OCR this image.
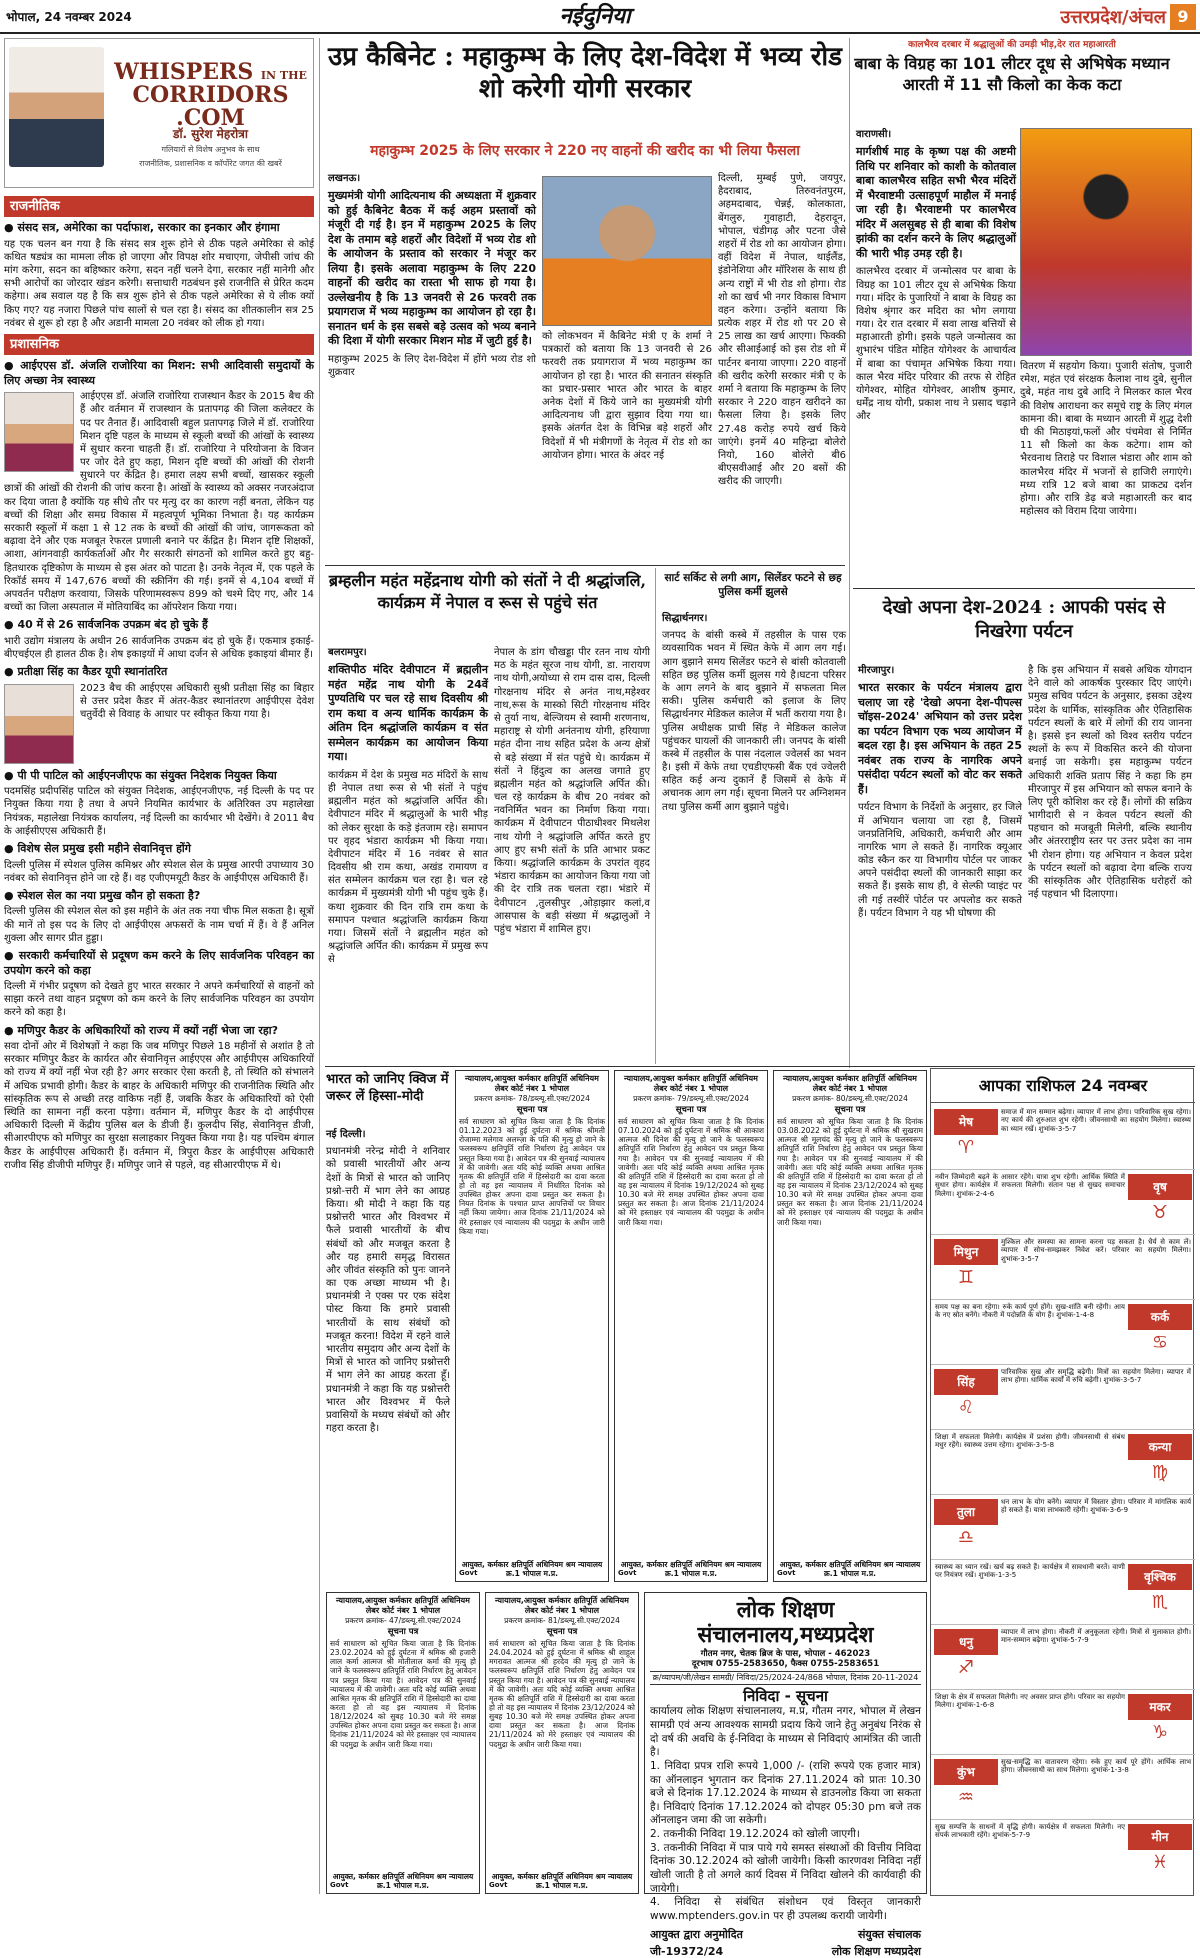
भोपाल, 24 नवम्बर 2024	नईदुनिया	उत्तरप्रदेश/अंचल 9
WHISPERS IN THE
CORRIDORS
.COM
डॉ. सुरेश मेहरोत्रा
गलियारों से विशेष अनुभव के साथ
राजनीतिक, प्रशासनिक व कॉर्पोरेट जगत की खबरें
राजनीतिक
● संसद सत्र, अमेरिका का पर्दाफाश, सरकार का इनकार और हंगामा

यह एक चलन बन गया है कि संसद सत्र शुरू होने से ठीक पहले अमेरिका से कोई कथित षड्यंत्र का मामला लीक हो जाएगा और विपक्ष शोर मचाएगा, जेपीसी जांच की मांग करेगा, सदन का बहिष्कार करेगा, सदन नहीं चलने देगा, सरकार नहीं मानेगी और सभी आरोपों का जोरदार खंडन करेगी। सत्ताधारी गठबंधन इसे राजनीति से प्रेरित कदम कहेगा। अब सवाल यह है कि सत्र शुरू होने से ठीक पहले अमेरिका से ये लीक क्यों किए गए? यह नजारा पिछले पांच सालों से चल रहा है। संसद का शीतकालीन सत्र 25 नवंबर से शुरू हो रहा है और अडानी मामला 20 नवंबर को लीक हो गया।

प्रशासनिक
● आईएएस डॉ. अंजलि राजोरिया का मिशन: सभी आदिवासी समुदायों के लिए अच्छा नेत्र स्वास्थ्य

आईएएस डॉ. अंजलि राजोरिया राजस्थान कैडर के 2015 बैच की हैं और वर्तमान में राजस्थान के प्रतापगढ़ की जिला कलेक्टर के पद पर तैनात हैं। आदिवासी बहुल प्रतापगढ़ जिले में डॉ. राजोरिया मिशन दृष्टि पहल के माध्यम से स्कूली बच्चों की आंखों के स्वास्थ्य में सुधार करना चाहती हैं। डॉ. राजोरिया ने परियोजना के विजन पर जोर देते हुए कहा, मिशन दृष्टि बच्चों की आंखों की रोशनी सुधारने पर केंद्रित है। हमारा लक्ष्य सभी बच्चों, खासकर स्कूली छात्रों की आंखों की रोशनी की जांच करना है। आंखों के स्वास्थ्य को अक्सर नजरअंदाज कर दिया जाता है क्योंकि यह सीधे तौर पर मृत्यु दर का कारण नहीं बनता, लेकिन यह बच्चों की शिक्षा और समग्र विकास में महत्वपूर्ण भूमिका निभाता है। यह कार्यक्रम सरकारी स्कूलों में कक्षा 1 से 12 तक के बच्चों की आंखों की जांच, जागरूकता को बढ़ावा देने और एक मजबूत रेफरल प्रणाली बनाने पर केंद्रित है। मिशन दृष्टि शिक्षकों, आशा, आंगनवाड़ी कार्यकर्ताओं और गैर सरकारी संगठनों को शामिल करते हुए बहु-हितधारक दृष्टिकोण के माध्यम से इस अंतर को पाटता है। उनके नेतृत्व में, एक पहले के रिकॉर्ड समय में 147,676 बच्चों की स्क्रीनिंग की गई। इनमें से 4,104 बच्चों में अपवर्तन परीक्षण करवाया, जिसके परिणामस्वरूप 899 को चश्मे दिए गए, और 14 बच्चों का जिला अस्पताल में मोतियाबिंद का ऑपरेशन किया गया।

● 40 में से 26 सार्वजनिक उपक्रम बंद हो चुके हैं

भारी उद्योग मंत्रालय के अधीन 26 सार्वजनिक उपक्रम बंद हो चुके हैं। एकमात्र इकाई-बीएचईएल ही हालत ठीक है। शेष इकाइयों में आधा दर्जन से अधिक इकाइयां बीमार हैं।

● प्रतीक्षा सिंह का कैडर यूपी स्थानांतरित

2023 बैच की आईएएस अधिकारी सुश्री प्रतीक्षा सिंह का बिहार से उत्तर प्रदेश कैडर में अंतर-कैडर स्थानांतरण आईपीएस देवेश चतुर्वेदी से विवाह के आधार पर स्वीकृत किया गया है।

● पी पी पाटिल को आईएनजीएफ का संयुक्त निदेशक नियुक्त किया

पदमसिंह प्रदीपसिंह पाटिल को संयुक्त निदेशक, आईएनजीएफ, नई दिल्ली के पद पर नियुक्त किया गया है तथा वे अपने नियमित कार्यभार के अतिरिक्त उप महालेखा नियंत्रक, महालेखा नियंत्रक कार्यालय, नई दिल्ली का कार्यभार भी देखेंगे। वे 2011 बैच के आईसीएएस अधिकारी हैं।

● विशेष सेल प्रमुख इसी महीने सेवानिवृत्त होंगे

दिल्ली पुलिस में स्पेशल पुलिस कमिश्नर और स्पेशल सेल के प्रमुख आरपी उपाध्याय 30 नवंबर को सेवानिवृत्त होने जा रहे हैं। वह एजीएमयूटी कैडर के आईपीएस अधिकारी हैं।

● स्पेशल सेल का नया प्रमुख कौन हो सकता है?

दिल्ली पुलिस की स्पेशल सेल को इस महीने के अंत तक नया चीफ मिल सकता है। सूत्रों की मानें तो इस पद के लिए दो आईपीएस अफसरों के नाम चर्चा में हैं। वे हैं अनिल शुक्ला और सागर प्रीत हुड्डा।

● सरकारी कर्मचारियों से प्रदूषण कम करने के लिए सार्वजनिक परिवहन का उपयोग करने को कहा

दिल्ली में गंभीर प्रदूषण को देखते हुए भारत सरकार ने अपने कर्मचारियों से वाहनों को साझा करने तथा वाहन प्रदूषण को कम करने के लिए सार्वजनिक परिवहन का उपयोग करने को कहा है।

● मणिपुर कैडर के अधिकारियों को राज्य में क्यों नहीं भेजा जा रहा?

सवा दोनों ओर में विशेषज्ञों ने कहा कि जब मणिपुर पिछले 18 महीनों से अशांत है तो सरकार मणिपुर कैडर के कार्यरत और सेवानिवृत्त आईएएस और आईपीएस अधिकारियों को राज्य में क्यों नहीं भेज रही है? अगर सरकार ऐसा करती है, तो स्थिति को संभालने में अधिक प्रभावी होगी। कैडर के बाहर के अधिकारी मणिपुर की राजनीतिक स्थिति और सांस्कृतिक रूप से अच्छी तरह वाकिफ नहीं हैं, जबकि कैडर के अधिकारियों को ऐसी स्थिति का सामना नहीं करना पड़ेगा। वर्तमान में, मणिपुर कैडर के दो आईपीएस अधिकारी दिल्ली में केंद्रीय पुलिस बल के डीजी हैं। कुलदीप सिंह, सेवानिवृत्त डीजी, सीआरपीएफ को मणिपुर का सुरक्षा सलाहकार नियुक्त किया गया है। यह पश्चिम बंगाल कैडर के आईपीएस अधिकारी हैं। वर्तमान में, त्रिपुरा कैडर के आईपीएस अधिकारी राजीव सिंह डीजीपी मणिपुर हैं। मणिपुर जाने से पहले, वह सीआरपीएफ में थे।

उप्र कैबिनेट : महाकुम्भ के लिए देश-विदेश में भव्य रोड शो करेगी योगी सरकार
महाकुम्भ 2025 के लिए सरकार ने 220 नए वाहनों की खरीद का भी लिया फैसला

लखनऊ।

मुख्यमंत्री योगी आदित्यनाथ की अध्यक्षता में शुक्रवार को हुई कैबिनेट बैठक में कई अहम प्रस्तावों को मंजूरी दी गई है। इन में महाकुम्भ 2025 के लिए देश के तमाम बड़े शहरों और विदेशों में भव्य रोड शो के आयोजन के प्रस्ताव को सरकार ने मंजूर कर लिया है। इसके अलावा महाकुम्भ के लिए 220 वाहनों की खरीद का रास्ता भी साफ हो गया है। उल्लेखनीय है कि 13 जनवरी से 26 फरवरी तक प्रयागराज में भव्य महाकुम्भ का आयोजन हो रहा है। सनातन धर्म के इस सबसे बड़े उत्सव को भव्य बनाने की दिशा में योगी सरकार मिशन मोड में जुटी हुई है।

महाकुम्भ 2025 के लिए देश-विदेश में होंगे भव्य रोड शो शुक्रवार

को लोकभवन में कैबिनेट मंत्री ए के शर्मा ने पत्रकारों को बताया कि 13 जनवरी से 26 फरवरी तक प्रयागराज में भव्य महाकुम्भ का आयोजन हो रहा है। भारत की सनातन संस्कृति का प्रचार-प्रसार भारत और भारत के बाहर अनेक देशों में किये जाने का मुख्यमंत्री योगी आदित्यनाथ जी द्वारा सुझाव दिया गया था। इसके अंतर्गत देश के विभिन्न बड़े शहरों और विदेशों में भी मंत्रीगणों के नेतृत्व में रोड शो का आयोजन होगा। भारत के अंदर नई

दिल्ली, मुम्बई पुणे, जयपुर, हैदराबाद, तिरुवनंतपुरम, अहमदाबाद, चेन्नई, कोलकाता, बेंगलुरु, गुवाहाटी, देहरादून, भोपाल, चंडीगढ़ और पटना जैसे शहरों में रोड शो का आयोजन होगा। वहीं विदेश में नेपाल, थाईलैंड, इंडोनेशिया और मॉरिशस के साथ ही अन्य राष्ट्रों में भी रोड शो होगा। रोड शो का खर्च भी नगर विकास विभाग वहन करेगा। उन्होंने बताया कि प्रत्येक शहर में रोड शो पर 20 से 25 लाख का खर्च आएगा। फिक्की और सीआईआई को इस रोड शो में पार्टनर बनाया जाएगा। 220 वाहनों की खरीद करेगी सरकार मंत्री ए के शर्मा ने बताया कि महाकुम्भ के लिए सरकार ने 220 वाहन खरीदने का फैसला लिया है। इसके लिए 27.48 करोड़ रुपये खर्च किये जाएंगे। इनमें 40 महिन्द्रा बोलेरो नियो, 160 बोलेरो बी6 बीएसवीआई और 20 बसों की खरीद की जाएगी।

कालभैरव दरबार में श्रद्धालुओं की उमड़ी भीड़,देर रात महाआरती
बाबा के विग्रह का 101 लीटर दूध से अभिषेक मध्यान आरती में 11 सौ किलो का केक कटा

वाराणसी।

मार्गशीर्ष माह के कृष्ण पक्ष की अष्टमी तिथि पर शनिवार को काशी के कोतवाल बाबा कालभैरव सहित सभी भैरव मंदिरों में भैरवाष्टमी उत्साहपूर्ण माहौल में मनाई जा रही है। भैरवाष्टमी पर कालभैरव मंदिर में अलसुबह से ही बाबा की विशेष झांकी का दर्शन करने के लिए श्रद्धालुओं की भारी भीड़ उमड़ रही है।

कालभैरव दरबार में जन्मोत्सव पर बाबा के विग्रह का 101 लीटर दूध से अभिषेक किया गया। मंदिर के पुजारियों ने बाबा के विग्रह का विशेष श्रृंगार कर मदिरा का भोग लगाया गया। देर रात दरबार में सवा लाख बत्तियों से महाआरती होगी। इसके पहले जन्मोत्सव का शुभारंभ पंडित मोहित योगेश्वर के आचार्यत्व में बाबा का पंचामृत अभिषेक किया गया। काल भैरव मंदिर परिवार की तरफ से रोहित योगेश्वर, मोहित योगेश्वर, आशीष कुमार, धर्मेंद्र नाथ योगी, प्रकाश नाथ ने प्रसाद चढ़ाने और

वितरण में सहयोग किया। पुजारी संतोष, पुजारी रमेश, महंत एवं संरक्षक कैलाश नाथ दुबे, सुनील दुबे, महंत नाथ दुबे आदि ने मिलकर काल भैरव की विशेष आराधना कर समूचे राष्ट्र के लिए मंगल कामना की। बाबा के मध्यान आरती में शुद्ध देशी घी की मिठाइयां,फलों और पंचमेवा से निर्मित 11 सौ किलो का केक कटेगा। शाम को भैरवनाथ तिराहे पर विशाल भंडारा और शाम को कालभैरव मंदिर में भजनों से हाजिरी लगाएंगे। मध्य रात्रि 12 बजे बाबा का प्राकट्य दर्शन होगा। और रात्रि डेढ़ बजे महाआरती कर बाद महोत्सव को विराम दिया जायेगा।

ब्रम्हलीन महंत महेंद्रनाथ योगी को संतों ने दी श्रद्धांजलि, कार्यक्रम में नेपाल व रूस से पहुंचे संत

बलरामपुर।

शक्तिपीठ मंदिर देवीपाटन में ब्रह्मलीन महंत महेंद्र नाथ योगी के 24वें पुण्यतिथि पर चल रहे साथ दिवसीय श्री राम कथा व अन्य धार्मिक कार्यक्रम के अंतिम दिन श्रद्धांजलि कार्यक्रम व संत सम्मेलन कार्यक्रम का आयोजन किया गया।

कार्यक्रम में देश के प्रमुख मठ मंदिरों के साथ ही नेपाल तथा रूस से भी संतों ने पहुंच ब्रह्मलीन महंत को श्रद्धांजलि अर्पित की। देवीपाटन मंदिर में श्रद्धालुओं के भारी भीड़ को लेकर सुरक्षा के कड़े इंतजाम रहे। समापन पर वृहद भंडारा कार्यक्रम भी किया गया। देवीपाटन मंदिर में 16 नवंबर से सात दिवसीय श्री राम कथा, अखंड रामायण व संत सम्मेलन कार्यक्रम चल रहा है। चल रहे कार्यक्रम में मुख्यमंत्री योगी भी पहुंच चुके हैं। कथा शुक्रवार की दिन रात्रि राम कथा के समापन पश्चात श्रद्धांजलि कार्यक्रम किया गया। जिसमें संतों ने ब्रह्मलीन महंत को श्रद्धांजलि अर्पित की। कार्यक्रम में प्रमुख रूप से

नेपाल के डांग चौखड्डा पीर रतन नाथ योगी मठ के महंत सूरज नाथ योगी, डा. नारायण नाथ योगी,अयोध्या से राम दास दास, दिल्ली गोरक्षनाथ मंदिर से अनंत नाथ,महेश्वर नाथ,रूस के मास्को सिटी गोरक्षनाथ मंदिर से तुर्या नाथ, बेल्जियम से स्वामी शरणनाथ, महाराष्ट्र से योगी अनंतनाथ योगी, हरियाणा महंत दीना नाथ सहित प्रदेश के अन्य क्षेत्रों से बड़े संख्या में संत पहुंचे थे। कार्यक्रम में संतों ने हिंदुत्व का अलख जगाते हुए ब्रह्मलीन महंत को श्रद्धांजलि अर्पित की। चल रहे कार्यक्रम के बीच 20 नवंबर को नवनिर्मित भवन का निर्माण किया गया। कार्यक्रम में देवीपाटन पीठाधीश्वर मिथलेश नाथ योगी ने श्रद्धांजलि अर्पित करते हुए आए हुए सभी संतों के प्रति आभार प्रकट किया। श्रद्धांजलि कार्यक्रम के उपरांत वृहद भंडारा कार्यक्रम का आयोजन किया गया जो की देर रात्रि तक चलता रहा। भंडारे में देवीपाटन ,तुलसीपुर ,ओड़ाझार कलां,व आसपास के बड़ी संख्या में श्रद्धालुओं ने पहुंच भंडारा में शामिल हुए।

सार्ट सर्किट से लगी आग, सिलेंडर फटने से छह पुलिस कर्मी झुलसे

सिद्धार्थनगर।

जनपद के बांसी कस्बे में तहसील के पास एक व्यवसायिक भवन में स्थित केफे में आग लग गई।आग बुझाने समय सिलेंडर फटने से बांसी कोतवाली सहित छह पुलिस कर्मी झुलस गये है।घटना परिसर के आग लगने के बाद बुझाने में सफलता मिल सकी। पुलिस कर्मचारी को इलाज के लिए सिद्धार्थनगर मेडिकल कालेज में भर्ती कराया गया है।पुलिस अधीक्षक प्राची सिंह ने मेडिकल कालेज पहुंचकर घायलों की जानकारी ली। जनपद के बांसी कस्बे में तहसील के पास नंदलाल ज्वेलर्स का भवन है। इसी में केफे तथा एचडीएफसी बैंक एवं ज्वेलरी सहित कई अन्य दुकानें हैं जिसमें से केफे में अचानक आग लग गई। सूचना मिलने पर अग्निशमन तथा पुलिस कर्मी आग बुझाने पहुंचे।

देखो अपना देश-2024 : आपकी पसंद से निखरेगा पर्यटन

मीरजापुर।

भारत सरकार के पर्यटन मंत्रालय द्वारा चलाए जा रहे 'देखो अपना देश-पीपल्स चॉइस-2024' अभियान को उत्तर प्रदेश का पर्यटन विभाग एक भव्य आयोजन में बदल रहा है। इस अभियान के तहत 25 नवंबर तक राज्य के नागरिक अपने पसंदीदा पर्यटन स्थलों को वोट कर सकते हैं।

पर्यटन विभाग के निर्देशों के अनुसार, हर जिले में अभियान चलाया जा रहा है, जिसमें जनप्रतिनिधि, अधिकारी, कर्मचारी और आम नागरिक भाग ले सकते हैं। नागरिक क्यूआर कोड स्कैन कर या विभागीय पोर्टल पर जाकर अपने पसंदीदा स्थलों की जानकारी साझा कर सकते हैं। इसके साथ ही, वे सेल्फी प्वाइंट पर ली गई तस्वीरें पोर्टल पर अपलोड कर सकते हैं। पर्यटन विभाग ने यह भी घोषणा की

है कि इस अभियान में सबसे अधिक योगदान देने वाले को आकर्षक पुरस्कार दिए जाएंगे। प्रमुख सचिव पर्यटन के अनुसार, इसका उद्देश्य प्रदेश के धार्मिक, सांस्कृतिक और ऐतिहासिक पर्यटन स्थलों के बारे में लोगों की राय जानना है। इससे इन स्थलों को विश्व स्तरीय पर्यटन स्थलों के रूप में विकसित करने की योजना बनाई जा सकेगी। इस महाकुम्भ पर्यटन अधिकारी शक्ति प्रताप सिंह ने कहा कि हम मीरजापुर में इस अभियान को सफल बनाने के लिए पूरी कोशिश कर रहे हैं। लोगों की सक्रिय भागीदारी से न केवल पर्यटन स्थलों की पहचान को मजबूती मिलेगी, बल्कि स्थानीय और अंतरराष्ट्रीय स्तर पर उत्तर प्रदेश का नाम भी रोशन होगा। यह अभियान न केवल प्रदेश के पर्यटन स्थलों को बढ़ावा देगा बल्कि राज्य की सांस्कृतिक और ऐतिहासिक धरोहरों को नई पहचान भी दिलाएगा।

भारत को जानिए क्विज में जरूर लें हिस्सा-मोदी

नई दिल्ली।

प्रधानमंत्री नरेन्द्र मोदी ने शनिवार को प्रवासी भारतीयों और अन्य देशों के मित्रों से भारत को जानिए प्रश्नो-त्तरी में भाग लेने का आग्रह किया। श्री मोदी ने कहा कि यह प्रश्नोत्तरी भारत और विश्वभर में फैले प्रवासी भारतीयों के बीच संबंधों को और मजबूत करता है और यह हमारी समृद्ध विरासत और जीवंत संस्कृति को पुनः जानने का एक अच्छा माध्यम भी है। प्रधानमंत्री ने एक्स पर एक संदेश पोस्ट किया कि हमारे प्रवासी भारतीयों के साथ संबंधों को मजबूत करना! विदेश में रहने वाले भारतीय समुदाय और अन्य देशों के मित्रों से भारत को जानिए प्रश्नोत्तरी में भाग लेने का आग्रह करता हूँ। प्रधानमंत्री ने कहा कि यह प्रश्नोत्तरी भारत और विश्वभर में फैले प्रवासियों के मध्यच संबंधों को और गहरा करता है।

न्यायालय,आयुक्त कर्मकार क्षतिपूर्ति अधिनियम लेबर कोर्ट नंबर 1 भोपाल
प्रकरण क्रमांक- 78/डब्ल्यू.सी.एक्ट/2024
सूचना पत्र
सर्व साधारण को सूचित किया जाता है कि दिनांक 01.12.2023 को हुई दुर्घटना में श्रमिक श्रीमती रोजाम्मा मलेगाव अलम्ज़ा के पति की मृत्यु हो जाने के फलस्वरूप क्षतिपूर्ति राशि निर्धारण हेतु आवेदन पत्र प्रस्तुत किया गया है। आवेदन पत्र की सुनवाई न्यायालय में की जावेगी। अतः यदि कोई व्यक्ति अथवा आश्रित मृतक की क्षतिपूर्ति राशि में हिस्सेदारी का दावा करता हो तो वह इस न्यायालय में निर्धारित दिनांक को उपस्थित होकर अपना दावा प्रस्तुत कर सकता है। नियत दिनांक के पश्चात प्राप्त आपत्तियों पर विचार नहीं किया जायेगा। आज दिनांक 21/11/2024 को मेरे हस्ताक्षर एवं न्यायालय की पदमुद्रा के अधीन जारी किया गया।
Govt
आयुक्त, कर्मकार क्षतिपूर्ति अधिनियम श्रम न्यायालय क्र.1 भोपाल म.प्र.
न्यायालय,आयुक्त कर्मकार क्षतिपूर्ति अधिनियम लेबर कोर्ट नंबर 1 भोपाल
प्रकरण क्रमांक- 79/डब्ल्यू.सी.एक्ट/2024
सूचना पत्र
सर्व साधारण को सूचित किया जाता है कि दिनांक 07.10.2024 को हुई दुर्घटना में श्रमिक श्री आकाश आत्मज श्री दिनेश की मृत्यु हो जाने के फलस्वरूप क्षतिपूर्ति राशि निर्धारण हेतु आवेदन पत्र प्रस्तुत किया गया है। आवेदन पत्र की सुनवाई न्यायालय में की जावेगी। अतः यदि कोई व्यक्ति अथवा आश्रित मृतक की क्षतिपूर्ति राशि में हिस्सेदारी का दावा करता हो तो वह इस न्यायालय में दिनांक 19/12/2024 को सुबह 10.30 बजे मेरे समक्ष उपस्थित होकर अपना दावा प्रस्तुत कर सकता है। आज दिनांक 21/11/2024 को मेरे हस्ताक्षर एवं न्यायालय की पदमुद्रा के अधीन जारी किया गया।
Govt
आयुक्त, कर्मकार क्षतिपूर्ति अधिनियम श्रम न्यायालय क्र.1 भोपाल म.प्र.
न्यायालय,आयुक्त कर्मकार क्षतिपूर्ति अधिनियम लेबर कोर्ट नंबर 1 भोपाल
प्रकरण क्रमांक- 80/डब्ल्यू.सी.एक्ट/2024
सूचना पत्र
सर्व साधारण को सूचित किया जाता है कि दिनांक 03.08.2022 को हुई दुर्घटना में श्रमिक श्री सुखराम आत्मज श्री मूलचंद की मृत्यु हो जाने के फलस्वरूप क्षतिपूर्ति राशि निर्धारण हेतु आवेदन पत्र प्रस्तुत किया गया है। आवेदन पत्र की सुनवाई न्यायालय में की जावेगी। अतः यदि कोई व्यक्ति अथवा आश्रित मृतक की क्षतिपूर्ति राशि में हिस्सेदारी का दावा करता हो तो वह इस न्यायालय में दिनांक 23/12/2024 को सुबह 10.30 बजे मेरे समक्ष उपस्थित होकर अपना दावा प्रस्तुत कर सकता है। आज दिनांक 21/11/2024 को मेरे हस्ताक्षर एवं न्यायालय की पदमुद्रा के अधीन जारी किया गया।
Govt
आयुक्त, कर्मकार क्षतिपूर्ति अधिनियम श्रम न्यायालय क्र.1 भोपाल म.प्र.
न्यायालय,आयुक्त कर्मकार क्षतिपूर्ति अधिनियम लेबर कोर्ट नंबर 1 भोपाल
प्रकरण क्रमांक- 47/डब्ल्यू.सी.एक्ट/2024
सूचना पत्र
सर्व साधारण को सूचित किया जाता है कि दिनांक 23.02.2024 को हुई दुर्घटना में श्रमिक श्री हजारी लाल कर्मा आत्मज श्री मोतीलाल कर्मा की मृत्यु हो जाने के फलस्वरूप क्षतिपूर्ति राशि निर्धारण हेतु आवेदन पत्र प्रस्तुत किया गया है। आवेदन पत्र की सुनवाई न्यायालय में की जावेगी। अतः यदि कोई व्यक्ति अथवा आश्रित मृतक की क्षतिपूर्ति राशि में हिस्सेदारी का दावा करता हो तो वह इस न्यायालय में दिनांक 18/12/2024 को सुबह 10.30 बजे मेरे समक्ष उपस्थित होकर अपना दावा प्रस्तुत कर सकता है। आज दिनांक 21/11/2024 को मेरे हस्ताक्षर एवं न्यायालय की पदमुद्रा के अधीन जारी किया गया।
Govt
आयुक्त, कर्मकार क्षतिपूर्ति अधिनियम श्रम न्यायालय क्र.1 भोपाल म.प्र.
न्यायालय,आयुक्त कर्मकार क्षतिपूर्ति अधिनियम लेबर कोर्ट नंबर 1 भोपाल
प्रकरण क्रमांक- 81/डब्ल्यू.सी.एक्ट/2024
सूचना पत्र
सर्व साधारण को सूचित किया जाता है कि दिनांक 24.04.2024 को हुई दुर्घटना में श्रमिक श्री शाहुल मगरावत आत्मज श्री हरदेव की मृत्यु हो जाने के फलस्वरूप क्षतिपूर्ति राशि निर्धारण हेतु आवेदन पत्र प्रस्तुत किया गया है। आवेदन पत्र की सुनवाई न्यायालय में की जावेगी। अतः यदि कोई व्यक्ति अथवा आश्रित मृतक की क्षतिपूर्ति राशि में हिस्सेदारी का दावा करता हो तो वह इस न्यायालय में दिनांक 23/12/2024 को सुबह 10.30 बजे मेरे समक्ष उपस्थित होकर अपना दावा प्रस्तुत कर सकता है। आज दिनांक 21/11/2024 को मेरे हस्ताक्षर एवं न्यायालय की पदमुद्रा के अधीन जारी किया गया।
Govt
आयुक्त, कर्मकार क्षतिपूर्ति अधिनियम श्रम न्यायालय क्र.1 भोपाल म.प्र.
लोक शिक्षण संचालनालय,मध्यप्रदेश
गौतम नगर, चेतक ब्रिज के पास, भोपाल - 462023
दूरभाष 0755-2583650, फैक्स 0755-2583651
क्र/व्यापम/जी/लेखन सामग्री/ निविदा/25/2024-24/868 भोपाल, दिनांक 20-11-2024
निविदा - सूचना
कार्यालय लोक शिक्षण संचालनालय, म.प्र, गौतम नगर, भोपाल में लेखन सामग्री एवं अन्य आवश्यक सामग्री प्रदाय किये जाने हेतु अनुबंध निरंक से दो वर्ष की अवधि के ई-निविदा के माध्यम से निविदाएं आमंत्रित की जाती है।
1. निविदा प्रपत्र राशि रूपये 1,000 /- (राशि रूपये एक हजार मात्र) का ऑनलाइन भुगतान कर दिनांक 27.11.2024 को प्रातः 10.30 बजे से दिनांक 17.12.2024 के माध्यम से डाउनलोड किया जा सकता है। निविदाएं दिनांक 17.12.2024 को दोपहर 05:30 pm बजे तक ऑनलाइन जमा की जा सकेगी।
2. तकनीकी निविदा 19.12.2024 को खोली जाएगी।
3. तकनीकी निविदा में पात्र पाये गये समस्त संस्थाओं की वित्तीय निविदा दिनांक 30.12.2024 को खोली जायेगी। किसी कारणवश निविदा नहीं खोली जाती है तो अगले कार्य दिवस में निविदा खोलने की कार्यवाही की जायेगी।
4. निविदा से संबंधित संशोधन एवं विस्तृत जानकारी www.mptenders.gov.in पर ही उपलब्ध करायी जायेगी।
आयुक्त द्वारा अनुमोदित	संयुक्त संचालक
जी-19372/24	लोक शिक्षण मध्यप्रदेश
आपका राशिफल 24 नवम्बर
मेष
♈
समाज में मान सम्मान बढ़ेगा। व्यापार में लाभ होगा। पारिवारिक सुख रहेगा। नए कार्य की शुरुआत शुभ रहेगी। जीवनसाथी का सहयोग मिलेगा। स्वास्थ्य का ध्यान रखें। शुभांक-3-5-7
वृष
♉
नवीन जिम्मेदारी बढ़ने के आसार रहेंगे। यात्रा शुभ रहेगी। आर्थिक स्थिति में सुधार होगा। कार्यक्षेत्र में सफलता मिलेगी। संतान पक्ष से सुखद समाचार मिलेगा। शुभांक-2-4-6
मिथुन
♊
मुश्किल और समस्या का सामना करना पड़ सकता है। धैर्य से काम लें। व्यापार में सोच-समझकर निवेश करें। परिवार का सहयोग मिलेगा। शुभांक-3-5-7
कर्क
♋
समय पक्ष का बना रहेगा। रुके कार्य पूर्ण होंगे। सुख-शांति बनी रहेगी। आय के नए स्रोत बनेंगे। नौकरी में पदोन्नति के योग हैं। शुभांक-1-4-8
सिंह
♌
पारिवारिक सुख और समृद्धि बढ़ेगी। मित्रों का सहयोग मिलेगा। व्यापार में लाभ होगा। धार्मिक कार्यों में रुचि बढ़ेगी। शुभांक-3-5-7
कन्या
♍
शिक्षा में सफलता मिलेगी। कार्यक्षेत्र में प्रशंसा होगी। जीवनसाथी से संबंध मधुर रहेंगे। स्वास्थ्य उत्तम रहेगा। शुभांक-3-5-8
तुला
♎
धन लाभ के योग बनेंगे। व्यापार में विस्तार होगा। परिवार में मांगलिक कार्य हो सकते हैं। यात्रा लाभकारी रहेगी। शुभांक-3-6-9
वृश्चिक
♏
स्वास्थ्य का ध्यान रखें। खर्च बढ़ सकते हैं। कार्यक्षेत्र में सावधानी बरतें। वाणी पर नियंत्रण रखें। शुभांक-1-3-5
धनु
♐
व्यापार में लाभ होगा। नौकरी में अनुकूलता रहेगी। मित्रों से मुलाकात होगी। मान-सम्मान बढ़ेगा। शुभांक-5-7-9
मकर
♑
शिक्षा के क्षेत्र में सफलता मिलेगी। नए अवसर प्राप्त होंगे। परिवार का सहयोग मिलेगा। शुभांक-1-6-8
कुंभ
♒
सुख-समृद्धि का वातावरण रहेगा। रुके हुए कार्य पूरे होंगे। आर्थिक लाभ होगा। जीवनसाथी का साथ मिलेगा। शुभांक-1-3-8
मीन
♓
सुख सम्पत्ति के साधनों में वृद्धि होगी। कार्यक्षेत्र में सफलता मिलेगी। नए संपर्क लाभकारी रहेंगे। शुभांक-5-7-9
